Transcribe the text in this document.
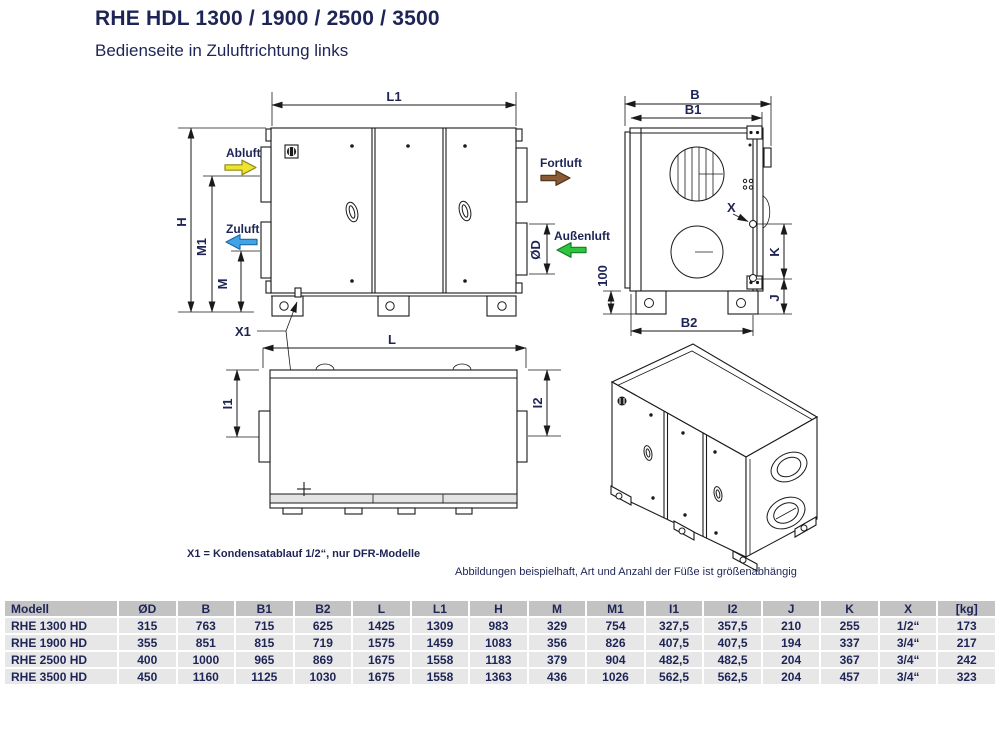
RHE HDL 1300 / 1900 / 2500 / 3500
Bedienseite in Zuluftrichtung links
L1
H
M1
M
ØD
X1
Abluft
Zuluft
Fortluft
Außenluft
B
B1
B2
100
X
K
J
L
I1	I2
X1 = Kondensatablauf 1/2“, nur DFR-Modelle
Abbildungen beispielhaft, Art und Anzahl der Füße ist größenabhängig
Modell	ØD	B	B1	B2	L	L1	H	M	M1	I1	I2	J	K	X	[kg]
RHE 1300 HD	315	763	715	625	1425	1309	983	329	754	327,5	357,5	210	255	1/2“	173
RHE 1900 HD	355	851	815	719	1575	1459	1083	356	826	407,5	407,5	194	337	3/4“	217
RHE 2500 HD	400	1000	965	869	1675	1558	1183	379	904	482,5	482,5	204	367	3/4“	242
RHE 3500 HD	450	1160	1125	1030	1675	1558	1363	436	1026	562,5	562,5	204	457	3/4“	323
